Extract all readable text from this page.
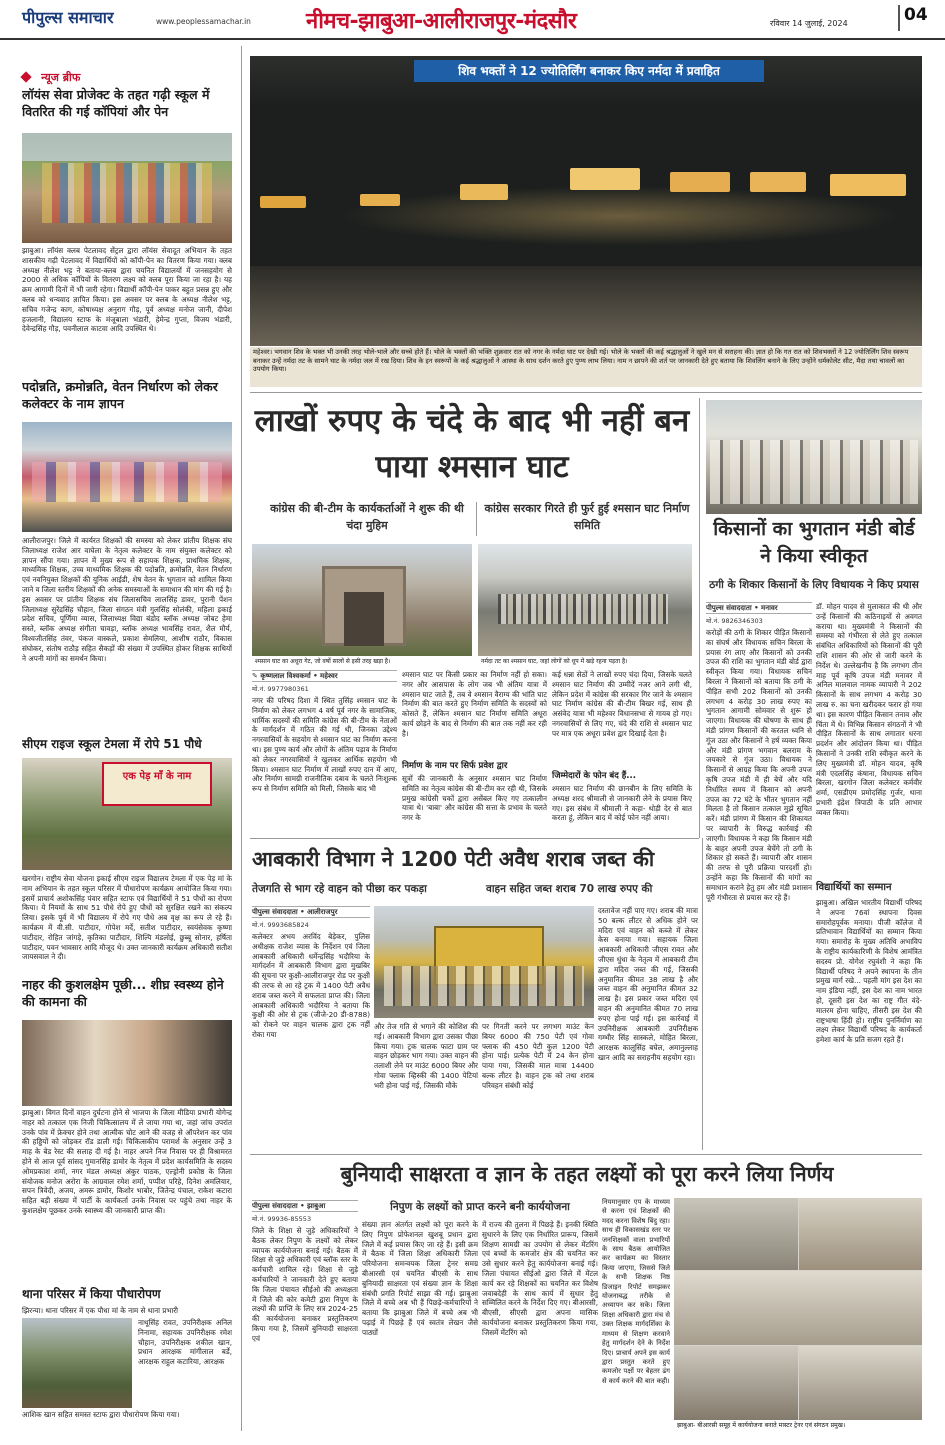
पीपुल्स समाचार	www.peoplessamachar.in	नीमच-झाबुआ-आलीराजपुर-मंदसौर	रविवार 14 जुलाई, 2024	04
न्यूज ब्रीफ
लॉयंस सेवा प्रोजेक्ट के तहत गढ़ी स्कूल में वितरित की गई कॉपियां और पेन
झाबुआ। लॉयंस क्लब पेटलावद सेंट्रल द्वारा लॉयंस सेवादूत अभियान के तहत शासकीय गढ़ी पेटलावद में विद्यार्थियों को कॉपी-पेन का वितरण किया गया। क्लब अध्यक्ष नीलेश भट्ट ने बताया-क्लब द्वारा चयनित विद्यालयों में जनसहयोग से 2000 से अधिक कॉपियों के वितरण लक्ष्य को क्लब पूरा किया जा रहा है। यह क्रम आगामी दिनों में भी जारी रहेगा। विद्यार्थी कॉपी-पेन पाकर बहुत प्रसन्न हुए और क्लब को धन्यवाद ज्ञापित किया। इस अवसर पर क्लब के अध्यक्ष नीलेश भट्ट, सचिव गजेन्द्र काग, कोषाध्यक्ष अनुराग गौड़, पूर्व अध्यक्ष मनोज जानी, दीपेश हजलानी, विद्यालय स्टाफ के मंजूबाला भंडारी, हेमेन्द्र गुप्ता, विजय भंडारी, देवेन्द्रसिंह गौड़, पवनीलाल काटवा आदि उपस्थित थे।
पदोन्नति, क्रमोन्नति, वेतन निर्धारण को लेकर कलेक्टर के नाम ज्ञापन
आलीराजपुर। जिले में कार्यरत शिक्षकों की समस्या को लेकर प्रांतीय शिक्षक संघ जिलाध्यक्ष राजेश आर वाघेला के नेतृत्व कलेक्टर के नाम संयुक्त कलेक्टर को ज्ञापन सौंपा गया। ज्ञापन में मुख्य रूप से सहायक शिक्षक, प्राथमिक शिक्षक, माध्यमिक शिक्षक, उच्च माध्यमिक शिक्षक की पदोन्नति, क्रमोन्नति, वेतन निर्धारण एवं नवनियुक्त शिक्षकों की यूनिक आईडी, शेष वेतन के भुगतान को शामिल किया जाने व जिला स्तरीय शिक्षकों की अनेक समस्याओं के समाधान की मांग की गई है। इस अवसर पर प्रांतीय शिक्षक संघ जिलासचिव लालसिंह डावर, पुरानी पेंशन जिलाध्यक्ष सुरेंद्रसिंह चौहान, जिला संगठन मंत्री गुलसिंह सोलंकी, महिला इकाई प्रदेश सचिव, पूर्णिमा व्यास, जिलाध्यक्ष विद्या बंडोद ब्लॉक अध्यक्ष जोबट हेमा सस्ते, ब्लॉक अध्यक्ष संगीता चावड़ा, ब्लॉक अध्यक्ष भावसिंह रावत, शैल मौर्य, विश्वजीतसिंह तंवर, पंकज वास्कले, प्रकाश सेमलिया, आशीष राठौर, विकास संघोकर, संतोष राठौड़ सहित सैकड़ों की संख्या में उपस्थित होकर शिक्षक साथियों ने अपनी मांगों का समर्थन किया।
सीएम राइज स्कूल टेमला में रोपे 51 पौधे
एक पेड़ माँ के नाम
खरगोन। राष्ट्रीय सेवा योजना इकाई सीएम राइज विद्यालय टेमला में एक पेड़ मां के नाम अभियान के तहत स्कूल परिसर में पौधारोपण कार्यक्रम आयोजित किया गया। इसमें प्राचार्य अशोकसिंह पंवार सहित स्टाफ एवं विद्यार्थियों ने 51 पौधों का रोपण किया। ये नियमों के साथ 51 पौधे रोपे हुए पौधों को सुरक्षित रखने का संकल्प लिया। इसके पूर्व में भी विद्यालय में रोपे गए पौधे अब वृक्ष का रूप ले रहे हैं। कार्यक्रम में वी.सी. पाटीदार, गोपेश मर्दे, सतीश पाटीदार, स्वयंसेवक कृष्णा पाटीदार, रोहित जांगड़े, कृतिका पाटीदार, शिल्पि मंडलोई, छुब्बू सोनार, हर्षिता पाटीदार, पवन भावसार आदि मौजूद थे। उक्त जानकारी कार्यक्रम अधिकारी सतीश जायसवाल ने दी।
नाहर की कुशलक्षेम पूछी... शीघ्र स्वस्थ्य होने की कामना की
झाबुआ। विगत दिनों वाहन दुर्घटना होने से भाजपा के जिला मीडिया प्रभारी योगेन्द्र नाहर को तत्काल एक निजी चिकित्सालय में ले जाया गया था, जहां जांच उपरांत उनके पांव में फ्रेक्चर होने तथा आत्मीक चोट आने की वजह से ऑपरेशन कर पांव की हड्डियों को जोड़कर रॉड डाली गई। चिकित्सकीय परामर्श के अनुसार उन्हें 3 माह के बेड रेस्ट की सलाह दी गई है। नाहर अपने निज निवास पर ही विश्रामरत होने से आज पूर्व सांसद गुमानसिंह डामोर के नेतृत्व में प्रदेश कार्यसमिति के सदस्य ओमप्रकाश शर्मा, नगर मंडल अध्यक्ष अंकुर पाठक, एल्ड्रोनी प्रकोष्ठ के जिला संयोजक मनोज अरोरा के आग्रवाल रमेश शर्मा, पप्पीश परिहे, दिनेश अमलियार, सपन त्रिवेदी, अजय, अमरू डामोर, किशोर भाबोर, जितेन्द्र पंचाल, राकेश कटारा सहित बड़ी संख्या में पार्टी के कार्यकर्ता उनके निवास पर पहुंचे तथा नाहर के कुशलक्षेम पूछकर उनके स्वास्थ्य की जानकारी प्राप्त की।
थाना परिसर में किया पौधारोपण
झिरन्या। थाना परिसर में एक पौधा मां के नाम से थाना प्रभारी
नाथूसिंह रावत, उपनिरीक्षक अनिल निनामा, सहायक उपनिरीक्षक रमेश चौहान, उपनिरीक्षक शकील खान, प्रधान आरक्षक मांगीलाल बर्डे, आरक्षक राहुल कटारिया, आरक्षक
आशिक खान सहित समस्त स्टाफ द्वारा पौधारोपण किया गया।
शिव भक्तों ने 12 ज्योतिर्लिंग बनाकर किए नर्मदा में प्रवाहित
महेश्वर। भगवान शिव के भक्त भी उनकी तरह भोले-भाले और सच्चे होते हैं। भोले के भक्तों की भक्ति शुक्रवार रात को नगर के नर्मदा घाट पर देखी गई। भोले के भक्तों की कई श्रद्धालुओं ने खुले मन से सराहना की। ज्ञात हो कि गत रात को शिवभक्तों ने 12 ज्योतिर्लिंग शिव स्वरूप बनाकर उन्हें नर्मदा तट के सामने घाट के नर्मदा जल में रख दिया। शिव के इन स्वरूपों के कई श्रद्धालुओं ने आस्था के साथ दर्शन करते हुए पुण्य लाभ लिया। नाम न छापने की शर्त पर जानकारी देते हुए बताया कि शिवलिंग बनाने के लिए उन्होंने धर्मकोलेट सीट, मैदा तथा चावलों का उपयोग किया।
लाखों रुपए के चंदे के बाद भी नहीं बन पाया श्मसान घाट
कांग्रेस की बी-टीम के कार्यकर्ताओं ने शुरू की थी चंदा मुहिम
कांग्रेस सरकार गिरते ही फुर्र हुई श्मसान घाट निर्माण समिति
श्मसान घाट का अधूरा गेट, जो वर्षो सालों से इसी तरह खड़ा है।	नर्मदा तट का श्मसान घाट, जहां लोगों को धूप में खड़े रहना पड़ता है।
✎ कृष्णलाल विश्वकर्मा • महेश्वर
मो.नं. 9977980361
नगर की परिषद दिशा में स्थित तुसिंह श्मसान घाट के निर्माण को लेकर लगभग 4 वर्ष पूर्व नगर के सामाजिक, धार्मिक सदस्यों की समिति कांग्रेस की बी-टीम के नेताओं के मार्गदर्शन में गठित की गई थी, जिनका उद्देश्य नगरवासियों के सहयोग से श्मसान घाट का निर्माण करना था। इस पुण्य कार्य और लोगों के अंतिम पड़ाव के निर्माण को लेकर नगरवासियों ने खुलकर आर्थिक सहयोग भी किया। श्मसान घाट निर्माण में लाखों रुपए दान में आए, और निर्माण सामग्री राजनीतिक दबाव के चलते निःशुल्क रूप से निर्माण समिति को मिली, जिसके बाद भी
श्मसान घाट पर किसी प्रकार का निर्माण नहीं हो सका। नगर और आसपास के लोग जब भी अंतिम यात्रा में श्मसान घाट जाते हैं, तब वे श्मसान वैराग्य की भांति घाट निर्माण की बात करते हुए निर्माण समिति के सदस्यों को कोसते हैं, लेकिन श्मसान घाट निर्माण समिति अधूरा कार्य छोड़ने के बाद से निर्माण की बात तक नहीं कर रही है।
निर्माण के नाम पर सिर्फ प्रवेश द्वार
सूत्रों की जानकारी के अनुसार श्मसान घाट निर्माण समिति का नेतृत्व कांग्रेस की बी-टीम कर रही थी, जिसके प्रमुख कांग्रेसी चकों द्वारा असेंबल किए गए तत्कालीन यात्रा थे। 'बाबा' और कांग्रेस की सत्ता के प्रभाव के चलते नगर के
कई धन्ना सेठों ने लाखों रुपए चंदा दिया, जिसके चलते श्मसान घाट निर्माण की उम्मीदें नजर आने लगी थी, लेकिन प्रदेश में कांग्रेस की सरकार गिर जाने के श्मसान घाट निर्माण कांग्रेस की बी-टीम बिखर गई, साथ ही असंवेद यात्रा भी महेश्वर विधानसभा से गायब हो गए। नगरवासियों से लिए गए, चंदे की राशि से श्मसान घाट पर मात्र एक अधूरा प्रवेश द्वार दिखाई देता है।
जिम्मेदारों के फोन बंद हैं...
श्मसान घाट निर्माण की छानबीन के लिए समिति के अध्यक्ष शरद श्रीमाली से जानकारी लेने के प्रयास किए गए। इस संबंध में श्रीमाली ने कहा- थोड़ी देर से बात करता हूं, लेकिन बाद में कोई फोन नहीं आया।
किसानों का भुगतान मंडी बोर्ड ने किया स्वीकृत
ठगी के शिकार किसानों के लिए विधायक ने किए प्रयास
पीपुल्स संवाददाता • मनावर
मो.नं. 9826346303
करोड़ों की ठगी के शिकार पीड़ित किसानों का संघर्ष और विधायक सचिन बिरला के प्रयास रंग लाए और किसानों को उनकी उपज की राशि का भुगतान मंडी बोर्ड द्वारा स्वीकृत किया गया। विधायक सचिन बिरला ने किसानों को बताया कि ठगी के पीड़ित सभी 202 किसानों को उनकी लगभग 4 करोड़ 30 लाख रुपए का भुगतान आगामी सोमवार से शुरू हो जाएगा। विधायक की घोषणा के साथ ही मंडी प्रांगण किसानों की करतल ध्वनि से गूंज उठा और किसानों ने हर्ष व्यक्त किया और मंडी प्रांगण भगवान बलराम के जयकारे से गूंज उठा। विधायक ने किसानों से आग्रह किया कि अपनी उपज कृषि उपज मंडी में ही बेचें और यदि निर्धारित समय में किसान को अपनी उपज का 72 घंटे के भीतर भुगतान नहीं मिलता है तो किसान तत्काल मुझे सूचित करें। मंडी प्रांगण में किसान की शिकायत पर व्यापारी के विरुद्ध कार्रवाई की जाएगी। विधायक ने कहा कि किसान मंडी के बाहर अपनी उपज बेचेंगे तो ठगी के शिकार हो सकते हैं। व्यापारी और शासन की तरफ से पूरी प्रक्रिया पारदर्शी हो। उन्होंने कहा कि किसानों की मांगों का समाधान कराने हेतु हम और मंडी प्रशासन पूरी गंभीरता से प्रयास कर रहे हैं।
डॉ. मोहन यादव से मुलाकात की थी और उन्हें किसानों की कठिनाइयों से अवगत कराया था। मुख्यमंत्री ने किसानों की समस्या को गंभीरता से लेते हुए तत्काल संबंधित अधिकारियों को किसानों की पूरी राशि शासन की ओर से जारी करने के निर्देश थे। उल्लेखनीय है कि लगभग तीन माह पूर्व कृषि उपज मंडी मनावर में अनिल मालवाल नामक व्यापारी ने 202 किसानों के साथ लगभग 4 करोड़ 30 लाख रु. का चना खरीदकर फरार हो गया था। इस कारण पीड़ित किसान तनाव और चिंता में थे। विभिन्न किसान संगठनों ने भी पीड़ित किसानों के साथ लगातार धरना प्रदर्शन और आंदोलन किया था। पीड़ित किसानों ने उनकी राशि स्वीकृत करने के लिए मुख्यमंत्री डॉ. मोहन यादव, कृषि मंत्री एदलसिंह कंषाना, विधायक सचिन बिरला, खरगोन जिला कलेक्टर कर्मवीर शर्मा, एसडीएम प्रमोदसिंह गुर्जर, थाना प्रभारी इंद्रेश त्रिपाठी के प्रति आभार व्यक्त किया।
विद्यार्थियों का सम्मान
झाबुआ। अखिल भारतीय विद्यार्थी परिषद ने अपना 76वां स्थापना दिवस समारोहपूर्वक मनाया। पीजी कॉलेज में प्रतिभावान विद्यार्थियों का सम्मान किया गया। समारोह के मुख्य अतिथि अभाविप के राष्ट्रीय कार्यकारिणी के विशेष आमंत्रित सदस्य प्रो. योगेश रघुवंशी ने कहा कि विद्यार्थी परिषद ने अपने स्थापना के तीन प्रमुख मार्ग रखे... पहली मांग इस देश का नाम इंडिया नहीं, इस देश का नाम भारत हो, दूसरी इस देश का राष्ट्र गीत वंदे-मातरम होना चाहिए, तीसरी इस देश की राष्ट्रभाषा हिंदी हो। राष्ट्रीय पुनर्निर्माण का लक्ष्य लेकर विद्यार्थी परिषद के कार्यकर्ता हमेशा कार्य के प्रति सजग रहते हैं।
आबकारी विभाग ने 1200 पेटी अवैध शराब जब्त की
तेजगति से भाग रहे वाहन को पीछा कर पकड़ा	वाहन सहित जब्त शराब 70 लाख रुपए की
पीपुल्स संवाददाता • आलीराजपुर
मो.नं. 9993685824
कलेक्टर अभय अरविंद बेड़ेकर, पुलिस अधीक्षक राजेश व्यास के निर्देशन एवं जिला आबकारी अधिकारी धर्मेन्द्रसिंह भदौरिया के मार्गदर्शन में आबकारी विभाग द्वारा मुखबिर की सूचना पर कुक्षी-आलीराजपुर रोड पर कुक्षी की तरफ से आ रहे ट्रक में 1400 पेटी अवैध शराब जब्त करने में सफलता प्राप्त की। जिला आबकारी अधिकारी भदौरिया ने बताया कि कुक्षी की ओर से ट्रक (जीजे-20 डी-8788) को रोकने पर वाहन चालक द्वारा ट्रक नहीं रोका गया
और तेज गति से भगाने की कोशिश की गई। आबकारी विभाग द्वारा उसका पीछा किया गया। ट्रक चालक फाटा ग्राम पर वाहन छोड़कर भाग गया। उक्त वाहन की तलाशी लेने पर माउंट 6000 बियर और गोवा फ्लाक व्हिस्की की 1400 पेटियां भरी होना पाई गई, जिसकी मौके
पर गिनती करने पर लगभग माउंट केन बियर 6000 की 750 पेटी एवं गोवा फ्लाक की 450 पेटी कुल 1200 पेटी होना पाई। प्रत्येक पेटी में 24 केन होना पाया गया, जिसकी माल मात्रा 14400 बल्क लीटर है। वाहन ट्रक को तथा शराब परिवहन संबंधी कोई
दस्तावेज नहीं पाए गए। शराब की मात्रा 50 बल्क लीटर से अधिक होने पर मदिरा एवं वाहन को कब्जे में लेकर केस बनाया गया। सहायक जिला आबकारी अधिकारी जीएस रावत और जीएस धुंधा के नेतृत्व में आबकारी टीम द्वारा मदिरा जब्त की गई, जिसकी अनुमानित कीमत 38 लाख है और जब्त वाहन की अनुमानित कीमत 32 लाख है। इस प्रकार जब्त मदिरा एवं वाहन की अनुमानित कीमत 70 लाख रुपए होना पाई गई। इस कार्रवाई में उपनिरीक्षक आबकारी उपनिरीक्षक गम्भीर सिंह सास्कले, मोहित बिरला, आरक्षक कालूसिंह बघेल, अमानुल्लाह खान आदि का सराहनीय सहयोग रहा।
बुनियादी साक्षरता व ज्ञान के तहत लक्ष्यों को पूरा करने लिया निर्णय
पीपुल्स संवाददाता • झाबुआ
मो.नं. 99936-85553
निपुण के लक्ष्यों को प्राप्त करने बनी कार्ययोजना
जिले के शिक्षा से जुड़े अधिकारियों ने बैठक लेकर निपुण के लक्ष्यों को लेकर व्यापक कार्ययोजना बनाई गई। बैठक में शिक्षा से जुड़े अधिकारी एवं ब्लॉक स्तर के कर्मचारी शामिल रहे। शिक्षा से जुड़े कर्मचारियों ने जानकारी देते हुए बताया कि जिला पंचायत सीईओ की अध्यक्षता में जिले की कोर कमेटी द्वारा निपुण के लक्ष्यों की प्राप्ति के लिए सत्र 2024-25 की कार्ययोजना बनाकर प्रस्तुतिकरण किया गया है, जिसमें बुनियादी साक्षरता एवं
संख्या ज्ञान अंतर्गत लक्ष्यों को पूरा करने के लिए निपुण प्रोफेशनल खुशबू प्रधान द्वारा जिले में कई प्रयास किए जा रहे हैं। इसी क्रम में बैठक में जिला शिक्षा अधिकारी जिला परियोजना समन्वयक जिला ट्रेनर समग्र बीआरसी एवं चयनित बीएसी के साथ बुनियादी साक्षरता एवं संख्या ज्ञान के शिक्षा संबंधी प्रगति रिपोर्ट साझा की गई। झाबुआ जिले में बच्चे अब भी हैं पिछड़े-कर्मचारियों ने बताया कि झाबुआ जिले में बच्चे अब भी पढ़ाई में पिछड़े हैं एवं स्वतंत्र लेखन जैसे पाठ्यों
में राज्य की तुलना में पिछड़े हैं। इनकी स्थिति सुधारने के लिए एक निर्धारित प्रारूप, जिसमें शिक्षण सामग्री का उपयोग से लेकर मेंटरिंग एवं बच्चों के कमजोर क्षेत्र की चयनित कर उसे सुधार करने हेतु कार्ययोजना बनाई गई। जिला पंचायत सीईओ द्वारा जिले में मेंटल कार्य कर रहे शिक्षकों का चयनित कर विशेष जवाबदेही के साथ कार्य में सुधार हेतु सम्मिलित करने के निर्देश दिए गए। बीआरसी, बीएसी, सीएसी द्वारा अपना मासिक कार्ययोजना बनाकर प्रस्तुतिकरण किया गया, जिसमें मेंटरिंग को
नियमानुसार एप के माध्यम से करना एवं शिक्षकों की मदद करना विशेष बिंदु रहा। साथ ही विकासखंड स्तर पर जनशिक्षकों वाला प्रभारियों के साथ बैठक आयोजित कर कार्यक्रम का विस्तार किया जाएगा, जिससे जिले के सभी शिक्षक निष्ठ डिजाइन रिपोर्ट समझकर योजनाबद्ध तरीके से अध्यापन कर सके। जिला शिक्षा अधिकारी द्वारा मंच से उक्त शिक्षक मार्गदर्शिका के माध्यम से शिक्षण करवाने हेतु मार्गदर्शन देने के निर्देश दिए। प्राचार्य अपने इस कार्य द्वारा प्रस्तुत करते हुए कमजोर पक्षों पर बेहतर ढंग से कार्य करने की बात कही।
झाबुआ- बीआरसी समूह में कार्ययोजना बनाते मास्टर ट्रेनर एवं संगठन प्रमुख।
